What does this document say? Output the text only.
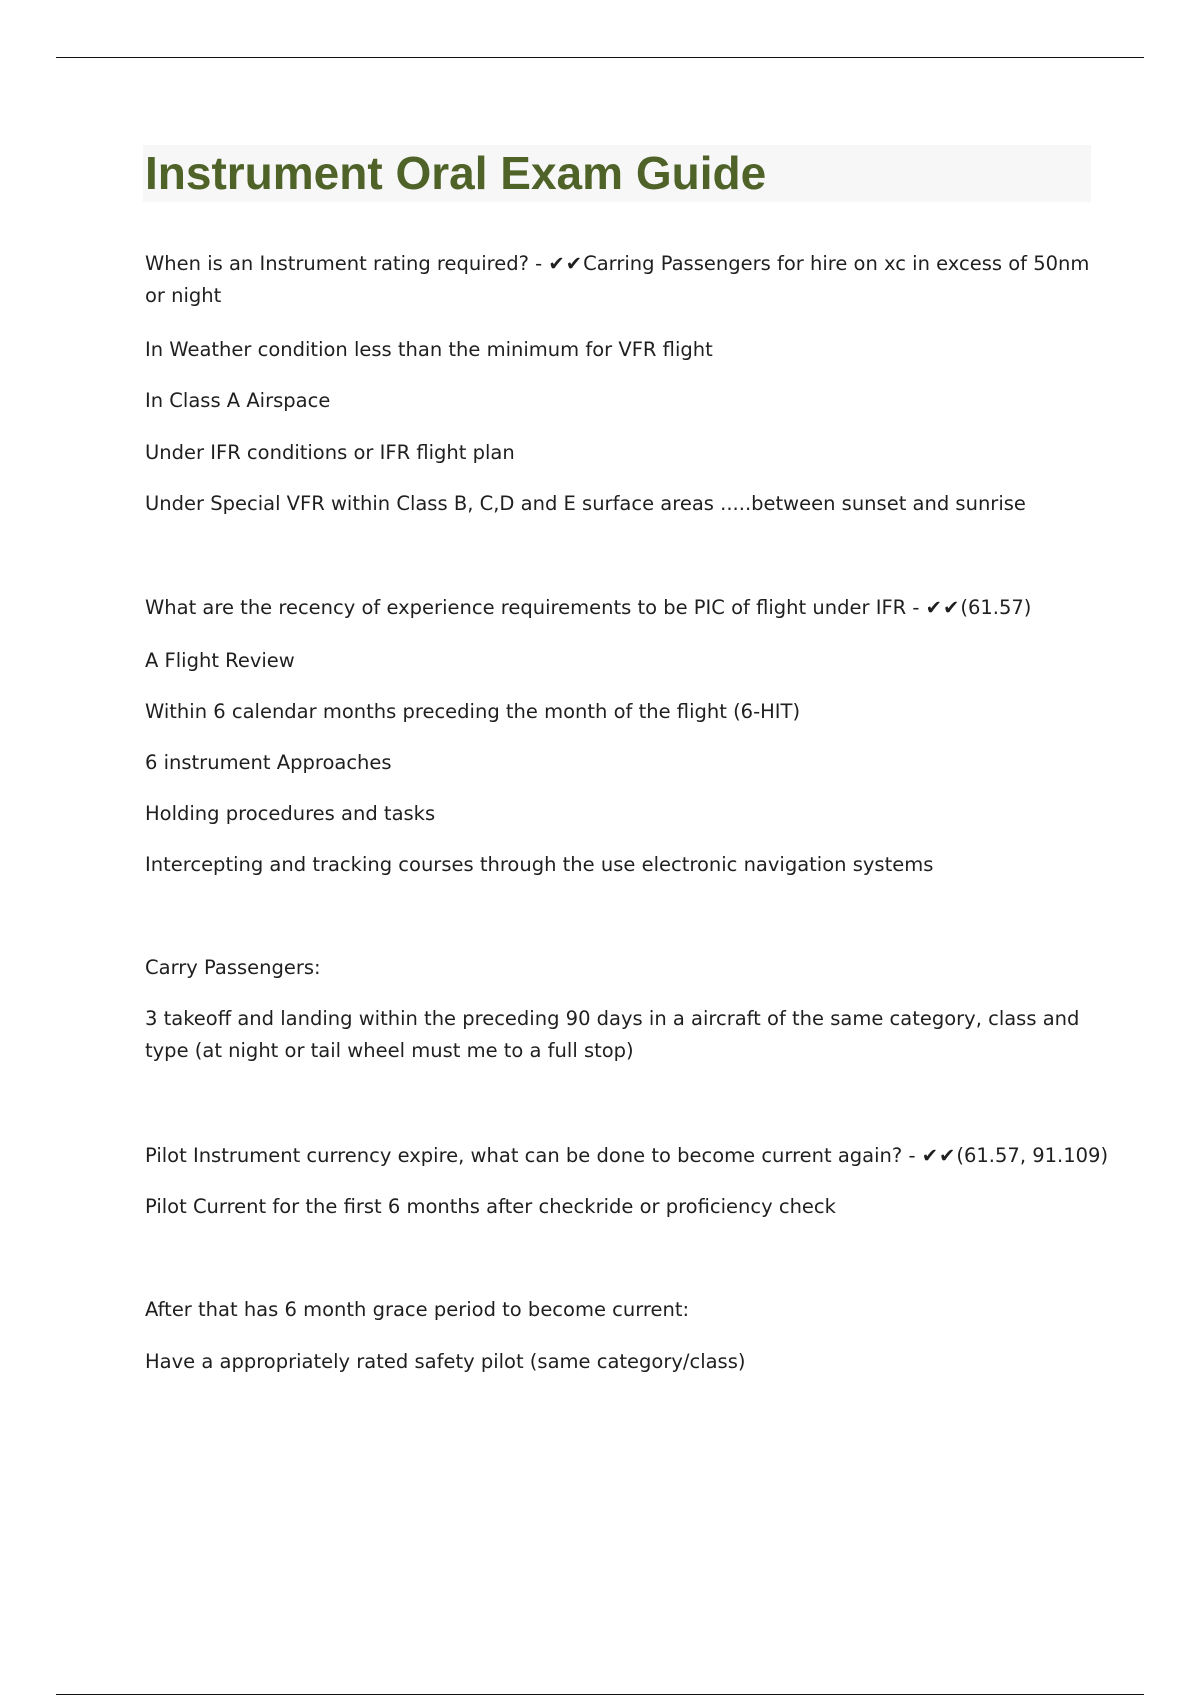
Instrument Oral Exam Guide

When is an Instrument rating required? - ✔✔Carring Passengers for hire on xc in excess of 50nm or night

In Weather condition less than the minimum for VFR flight

In Class A Airspace

Under IFR conditions or IFR flight plan

Under Special VFR within Class B, C,D and E surface areas .....between sunset and sunrise

What are the recency of experience requirements to be PIC of flight under IFR - ✔✔(61.57)

A Flight Review

Within 6 calendar months preceding the month of the flight (6-HIT)

6 instrument Approaches

Holding procedures and tasks

Intercepting and tracking courses through the use electronic navigation systems

Carry Passengers:

3 takeoff and landing within the preceding 90 days in a aircraft of the same category, class and type (at night or tail wheel must me to a full stop)

Pilot Instrument currency expire, what can be done to become current again? - ✔✔(61.57, 91.109)

Pilot Current for the first 6 months after checkride or proficiency check

After that has 6 month grace period to become current:

Have a appropriately rated safety pilot (same category/class)
